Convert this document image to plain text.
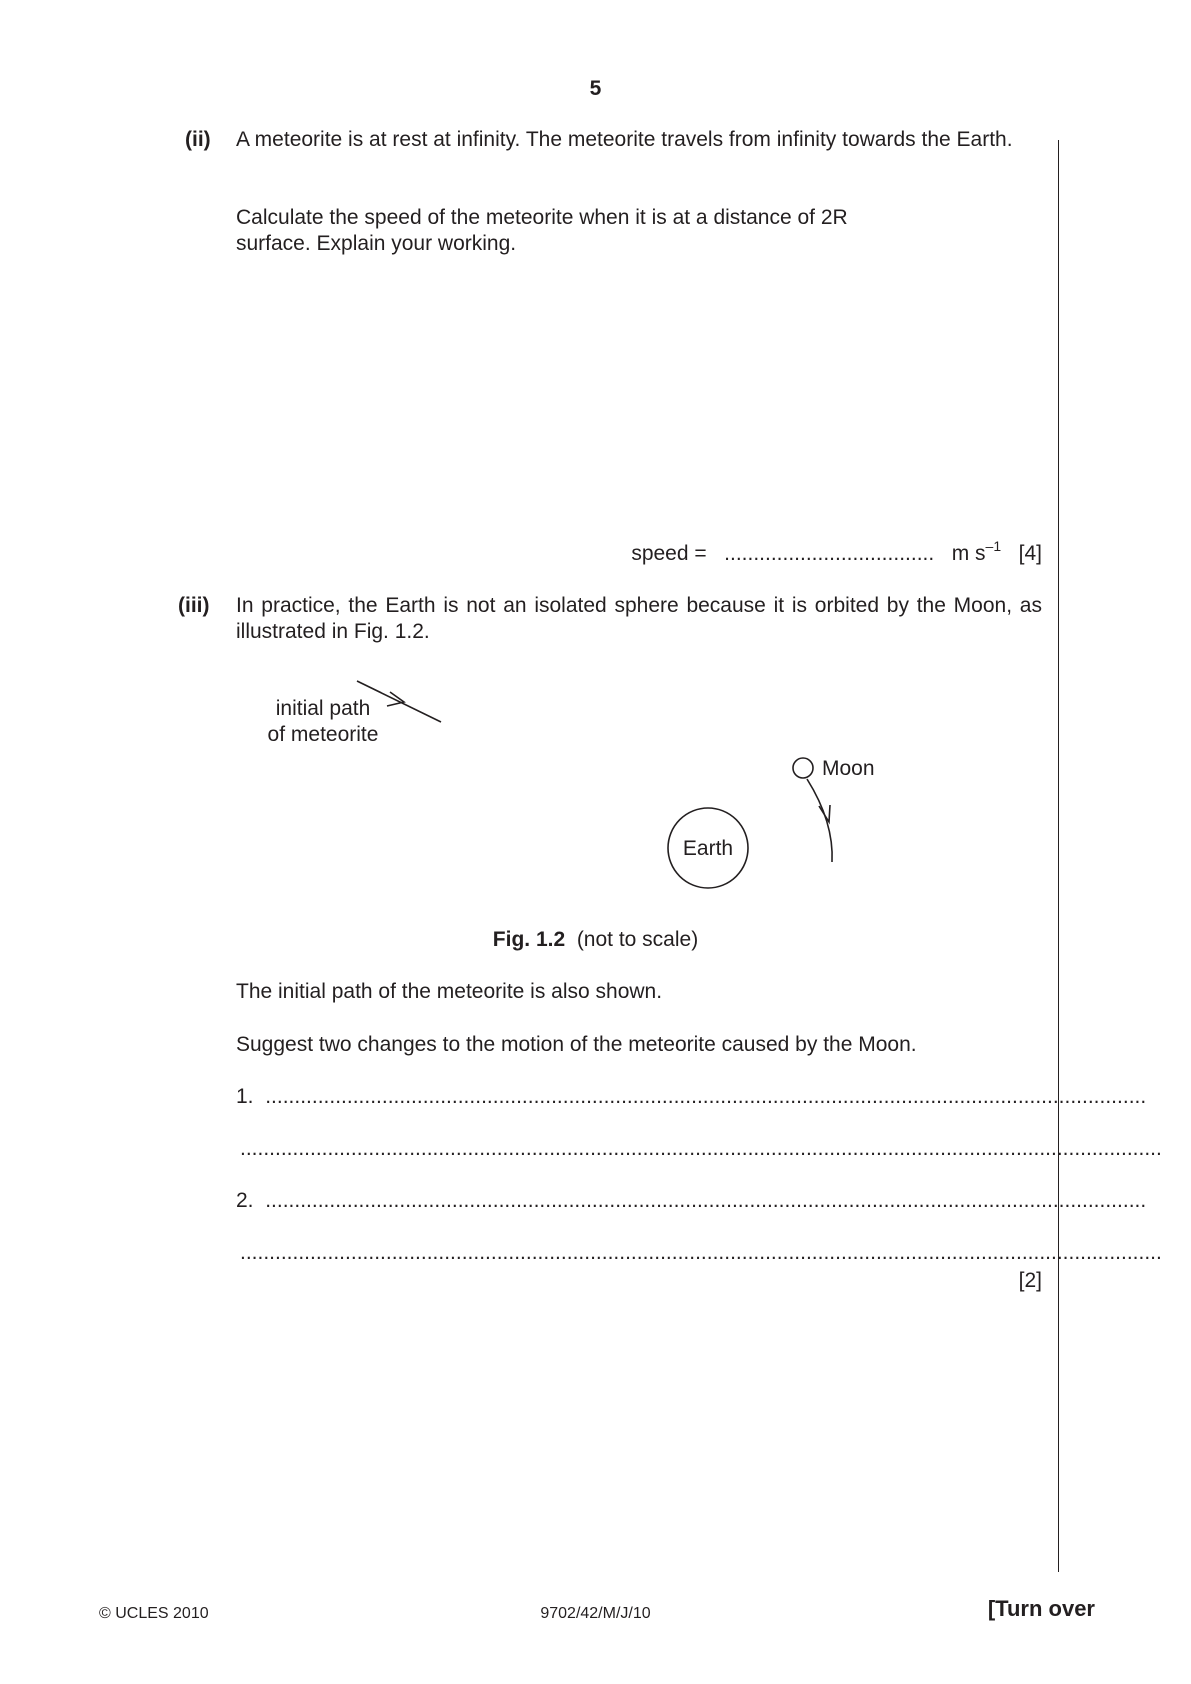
5
(ii) A meteorite is at rest at infinity. The meteorite travels from infinity towards the Earth.
Calculate the speed of the meteorite when it is at a distance of 2R
surface. Explain your working.
speed = .................................... m $s^{-1}$ [4]
(iii) In practice, the Earth is not an isolated sphere because it is orbited by the Moon, as illustrated in Fig. 1.2.
initial path
of meteorite
Moon
Earth
Fig. 1.2 (not to scale)
The initial path of the meteorite is also shown.
Suggest two changes to the motion of the meteorite caused by the Moon.
1. .......................................................................................................................................................
..............................................................................................................................................................
2. .......................................................................................................................................................
..............................................................................................................................................................
[2]
© UCLES 2010	9702/42/M/J/10	[Turn over
